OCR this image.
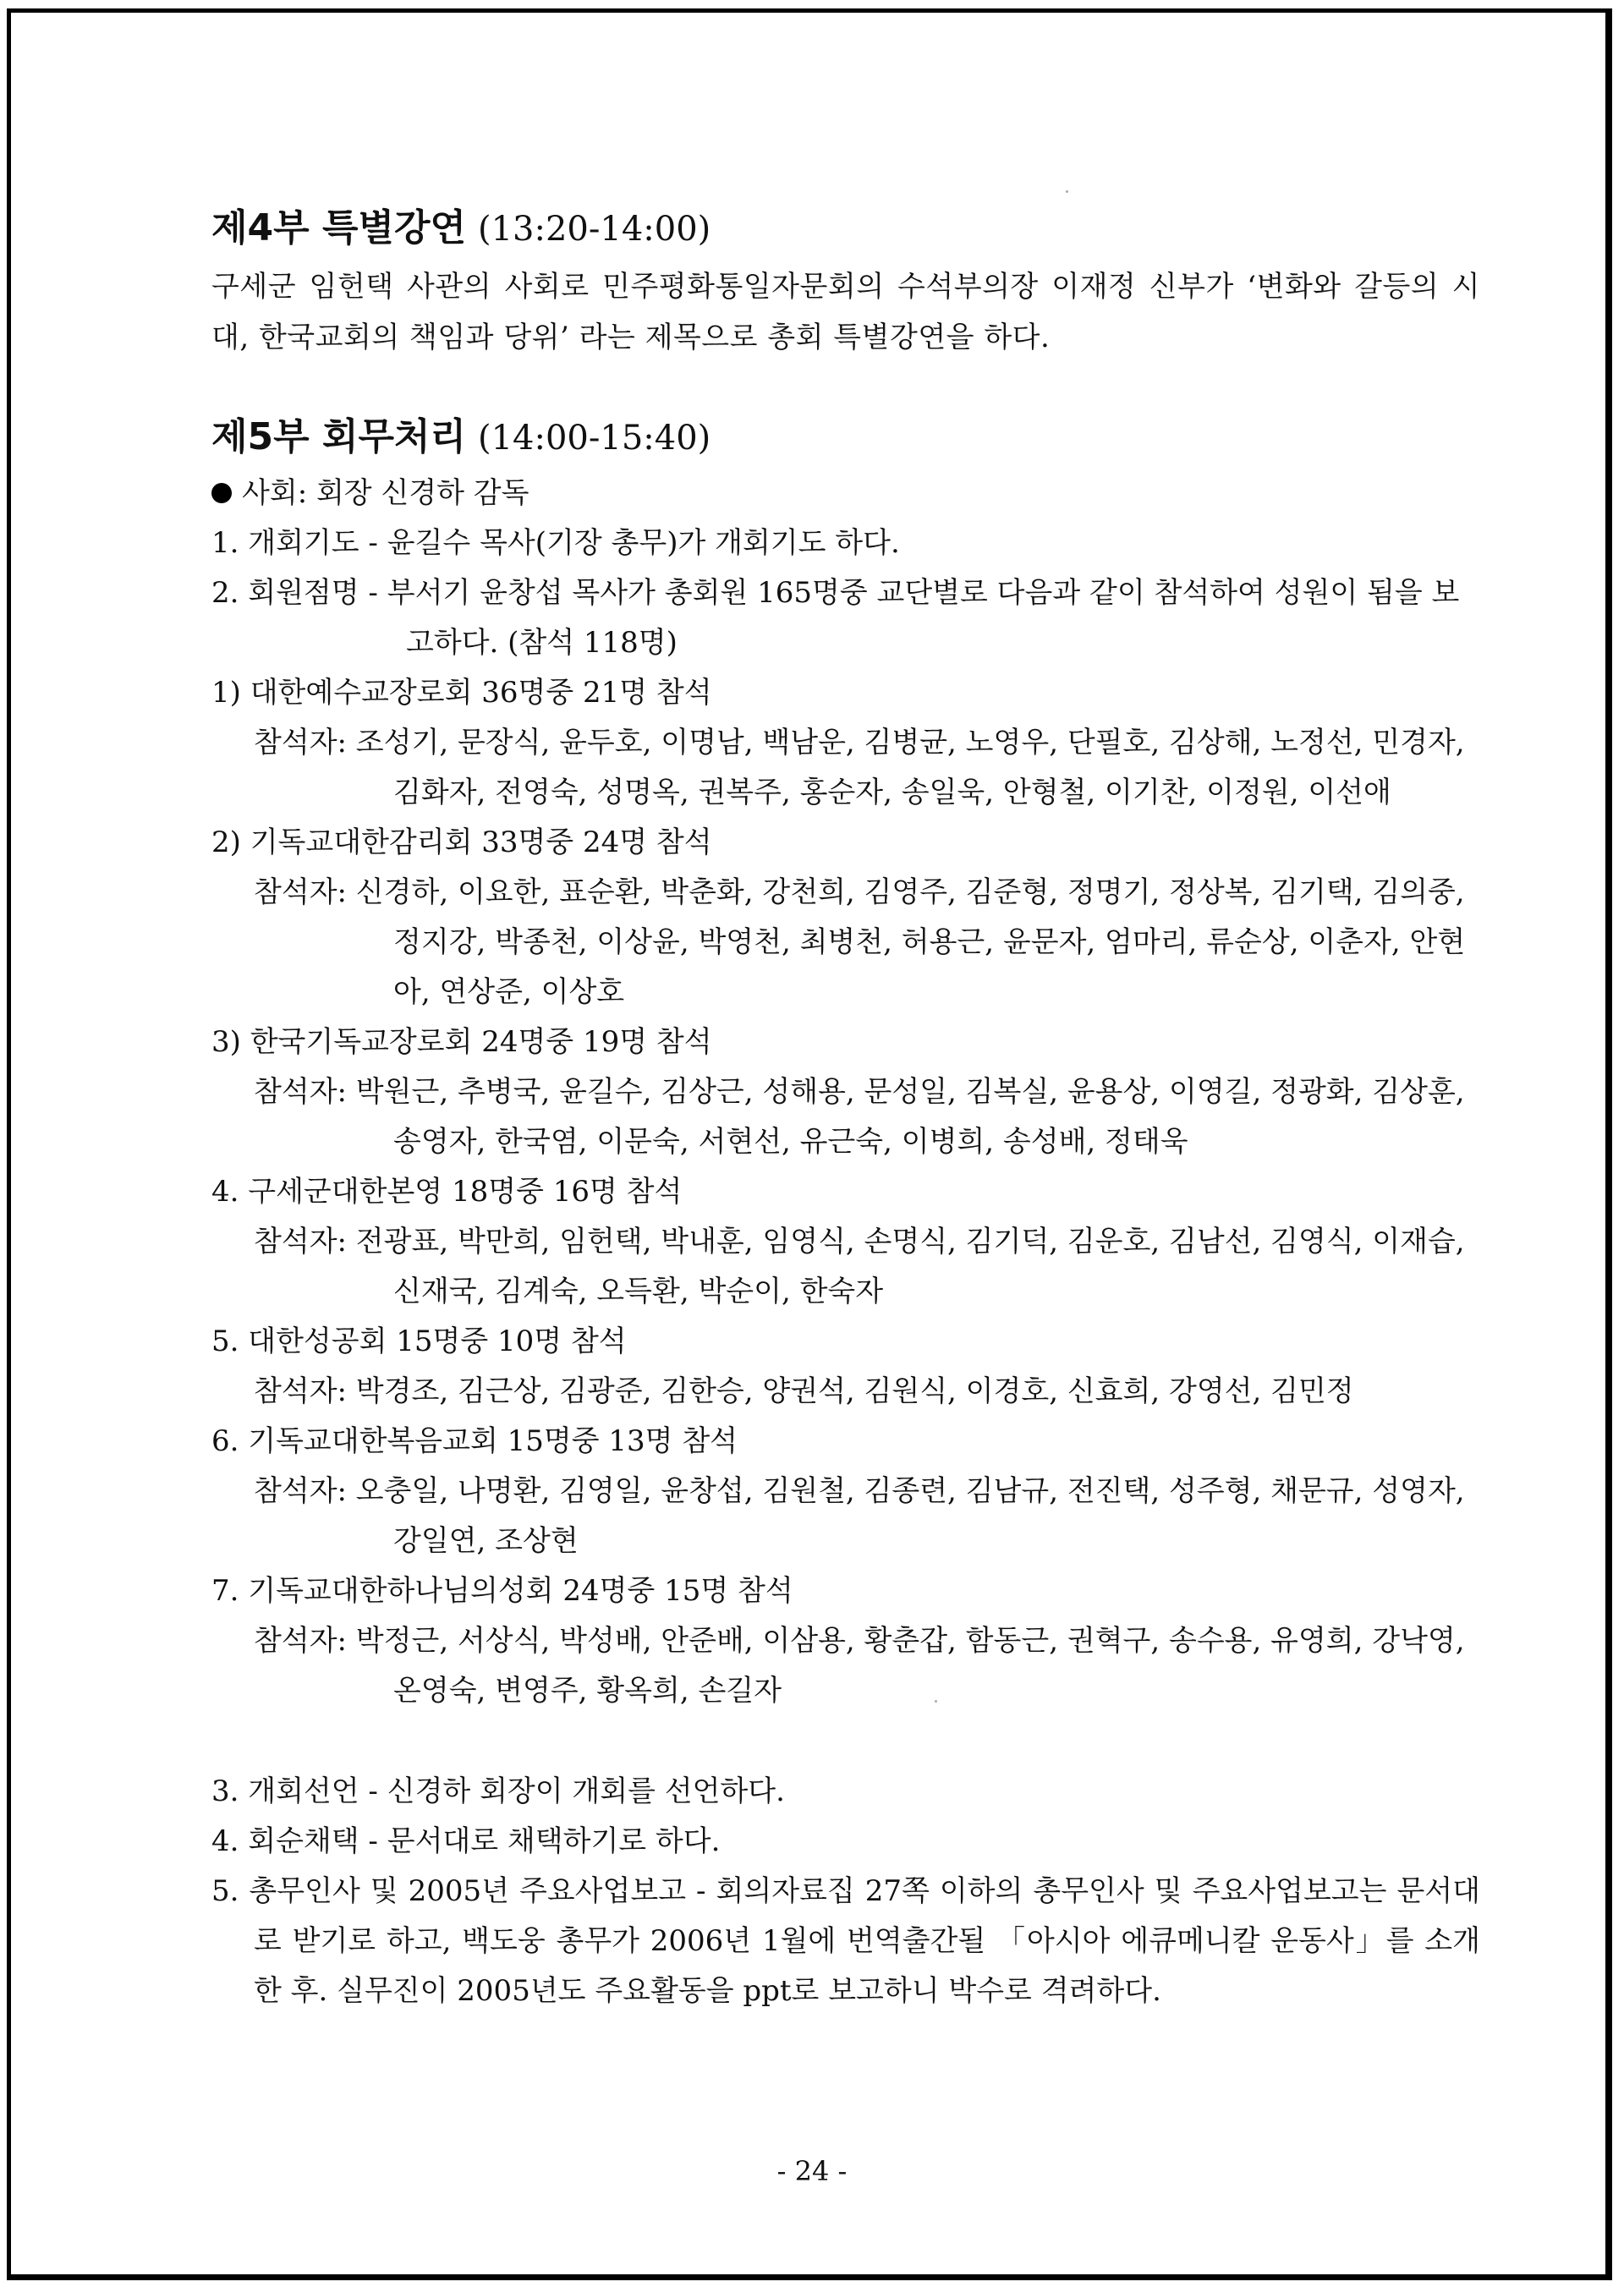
제4부 특별강연 (13:20-14:00)

구세군 임헌택 사관의 사회로 민주평화통일자문회의 수석부의장 이재정 신부가 ‘변화와 갈등의 시대, 한국교회의 책임과 당위’ 라는 제목으로 총회 특별강연을 하다.

제5부 회무처리 (14:00-15:40)

사회: 회장 신경하 감독

1. 개회기도 - 윤길수 목사(기장 총무)가 개회기도 하다.

2. 회원점명 - 부서기 윤창섭 목사가 총회원 165명중 교단별로 다음과 같이 참석하여 성원이 됨을 보고하다. (참석 118명)

1) 대한예수교장로회 36명중 21명 참석

참석자: 조성기, 문장식, 윤두호, 이명남, 백남운, 김병균, 노영우, 단필호, 김상해, 노정선, 민경자, 김화자, 전영숙, 성명옥, 권복주, 홍순자, 송일욱, 안형철, 이기찬, 이정원, 이선애

2) 기독교대한감리회 33명중 24명 참석

참석자: 신경하, 이요한, 표순환, 박춘화, 강천희, 김영주, 김준형, 정명기, 정상복, 김기택, 김의중, 정지강, 박종천, 이상윤, 박영천, 최병천, 허용근, 윤문자, 엄마리, 류순상, 이춘자, 안현아, 연상준, 이상호

3) 한국기독교장로회 24명중 19명 참석

참석자: 박원근, 추병국, 윤길수, 김상근, 성해용, 문성일, 김복실, 윤용상, 이영길, 정광화, 김상훈, 송영자, 한국염, 이문숙, 서현선, 유근숙, 이병희, 송성배, 정태욱

4. 구세군대한본영 18명중 16명 참석

참석자: 전광표, 박만희, 임헌택, 박내훈, 임영식, 손명식, 김기덕, 김운호, 김남선, 김영식, 이재습, 신재국, 김계숙, 오득환, 박순이, 한숙자

5. 대한성공회 15명중 10명 참석

참석자: 박경조, 김근상, 김광준, 김한승, 양권석, 김원식, 이경호, 신효희, 강영선, 김민정

6. 기독교대한복음교회 15명중 13명 참석

참석자: 오충일, 나명환, 김영일, 윤창섭, 김원철, 김종련, 김남규, 전진택, 성주형, 채문규, 성영자, 강일연, 조상현

7. 기독교대한하나님의성회 24명중 15명 참석

참석자: 박정근, 서상식, 박성배, 안준배, 이삼용, 황춘갑, 함동근, 권혁구, 송수용, 유영희, 강낙영, 온영숙, 변영주, 황옥희, 손길자

3. 개회선언 - 신경하 회장이 개회를 선언하다.

4. 회순채택 - 문서대로 채택하기로 하다.

5. 총무인사 및 2005년 주요사업보고 - 회의자료집 27쪽 이하의 총무인사 및 주요사업보고는 문서대로 받기로 하고, 백도웅 총무가 2006년 1월에 번역출간될 「아시아 에큐메니칼 운동사」를 소개한 후. 실무진이 2005년도 주요활동을 ppt로 보고하니 박수로 격려하다.

- 24 -
